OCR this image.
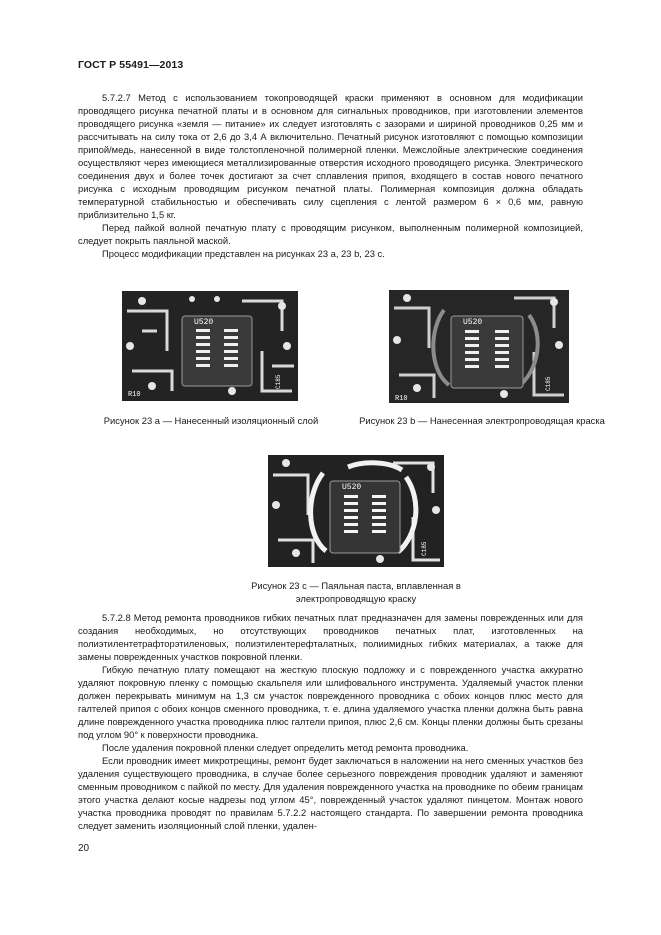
ГОСТ Р 55491—2013

5.7.2.7 Метод с использованием токопроводящей краски применяют в основном для модификации проводящего рисунка печатной платы и в основном для сигнальных проводников, при изготовлении элементов проводящего рисунка «земля — питание» их следует изготовлять с зазорами и шириной проводников 0,25 мм и рассчитывать на силу тока от 2,6 до 3,4 А включительно. Печатный рисунок изготовляют с помощью композиции припой/медь, нанесенной в виде толстопленочной полимерной пленки. Межслойные электрические соединения осуществляют через имеющиеся металлизированные отверстия исходного проводящего рисунка. Электрического соединения двух и более точек достигают за счет сплавления припоя, входящего в состав нового печатного рисунка с исходным проводящим рисунком печатной платы. Полимерная композиция должна обладать температурной стабильностью и обеспечивать силу сцепления с лентой размером 6 × 0,6 мм, равную приблизительно 1,5 кг.

Перед пайкой волной печатную плату с проводящим рисунком, выполненным полимерной композицией, следует покрыть паяльной маской.

Процесс модификации представлен на рисунках 23 a, 23 b, 23 c.

U520
R10
C185
Рисунок 23 а — Нанесенный изоляционный слой
U520
R10
C185
Рисунок 23 b — Нанесенная электропроводящая краска
U520
C185
Рисунок 23 c — Паяльная паста, вплавленная в электропроводящую краску

5.7.2.8 Метод ремонта проводников гибких печатных плат предназначен для замены поврежденных или для создания необходимых, но отсутствующих проводников печатных плат, изготовленных на полиэтилентетрафторэтиленовых, полиэтилентерефталатных, полиимидных гибких материалах, а также для замены поврежденных участков покровной пленки.

Гибкую печатную плату помещают на жесткую плоскую подложку и с поврежденного участка аккуратно удаляют покровную пленку с помощью скальпеля или шлифовального инструмента. Удаляемый участок пленки должен перекрывать минимум на 1,3 см участок поврежденного проводника с обоих концов плюс место для галтелей припоя с обоих концов сменного проводника, т. е. длина удаляемого участка пленки должна быть равна длине поврежденного участка проводника плюс галтели припоя, плюс 2,6 см. Концы пленки должны быть срезаны под углом 90° к поверхности проводника.

После удаления покровной пленки следует определить метод ремонта проводника.

Если проводник имеет микротрещины, ремонт будет заключаться в наложении на него сменных участков без удаления существующего проводника, в случае более серьезного повреждения проводник удаляют и заменяют сменным проводником с пайкой по месту. Для удаления поврежденного участка на проводнике по обеим границам этого участка делают косые надрезы под углом 45°, поврежденный участок удаляют пинцетом. Монтаж нового участка проводника проводят по правилам 5.7.2.2 настоящего стандарта. По завершении ремонта проводника следует заменить изоляционный слой пленки, удален-

20
